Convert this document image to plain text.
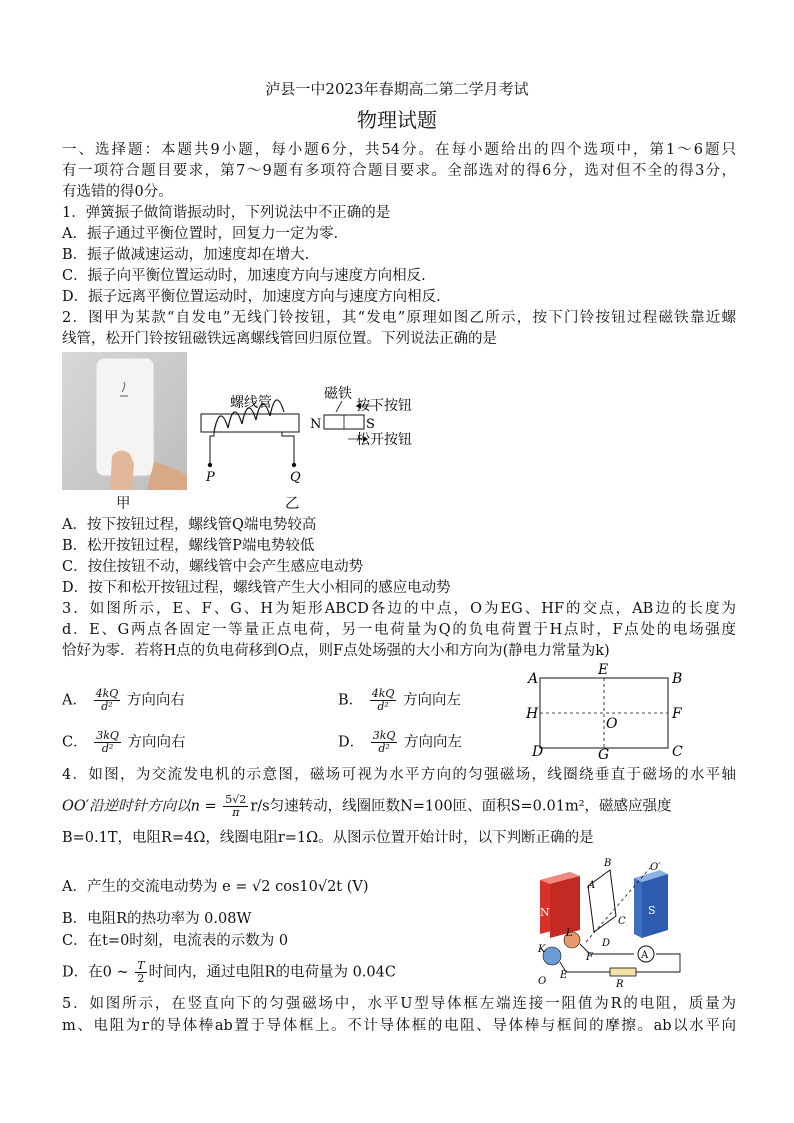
泸县一中2023年春期高二第二学月考试
物理试题
一、选择题：本题共9小题，每小题6分，共54分。在每小题给出的四个选项中，第1～6题只
有一项符合题目要求，第7～9题有多项符合题目要求。全部选对的得6分，选对但不全的得3分，
有选错的得0分。
1．弹簧振子做简谐振动时，下列说法中不正确的是
A．振子通过平衡位置时，回复力一定为零.
B．振子做减速运动，加速度却在增大.
C．振子向平衡位置运动时，加速度方向与速度方向相反.
D．振子远离平衡位置运动时，加速度方向与速度方向相反.
2．图甲为某款“自发电”无线门铃按钮，其“发电”原理如图乙所示，按下门铃按钮过程磁铁靠近螺
线管，松开门铃按钮磁铁远离螺线管回归原位置。下列说法正确的是
甲
螺线管
磁铁
P	Q
N	S
按下按钮
松开按钮
乙
A．按下按钮过程，螺线管Q端电势较高
B．松开按钮过程，螺线管P端电势较低
C．按住按钮不动，螺线管中会产生感应电动势
D．按下和松开按钮过程，螺线管产生大小相同的感应电动势
3．如图所示，E、F、G、H为矩形ABCD各边的中点，O为EG、HF的交点，AB边的长度为
d．E、G两点各固定一等量正点电荷，另一电荷量为Q的负电荷置于H点时，F点处的电场强度
恰好为零．若将H点的负电荷移到O点，则F点处场强的大小和方向为(静电力常量为k)
A． $\frac{4kQ}{\text{d²}}$ 方向向右	B． $\frac{4kQ}{\text{d²}}$ 方向向左
C． $\frac{3kQ}{\text{d²}}$ 方向向右	D． $\frac{3kQ}{\text{d²}}$ 方向向左
A	B
C
D
E
F
G
H
O
4．如图，为交流发电机的示意图，磁场可视为水平方向的匀强磁场，线圈绕垂直于磁场的水平轴
OO′沿逆时针方向以$n = \frac{5√2}{\pi} r/s$匀速转动，线圈匝数N=100匝、面积S=0.01m²，磁感应强度
B=0.1T，电阻R=4Ω，线圈电阻r=1Ω。从图示位置开始计时，以下判断正确的是
A．产生的交流电动势为 e = √2 cos10√2t (V)
B．电阻R的热功率为 0.08W
C．在t=0时刻，电流表的示数为 0
D．在0 ~ $\frac{T}{2}$ 时间内，通过电阻R的电荷量为 0.04C
N	S
B
A
C
O′
K
L
D
E
F
O
A
R
5．如图所示，在竖直向下的匀强磁场中，水平U型导体框左端连接一阻值为R的电阻，质量为
m、电阻为r的导体棒ab置于导体框上。不计导体框的电阻、导体棒与框间的摩擦。ab以水平向
